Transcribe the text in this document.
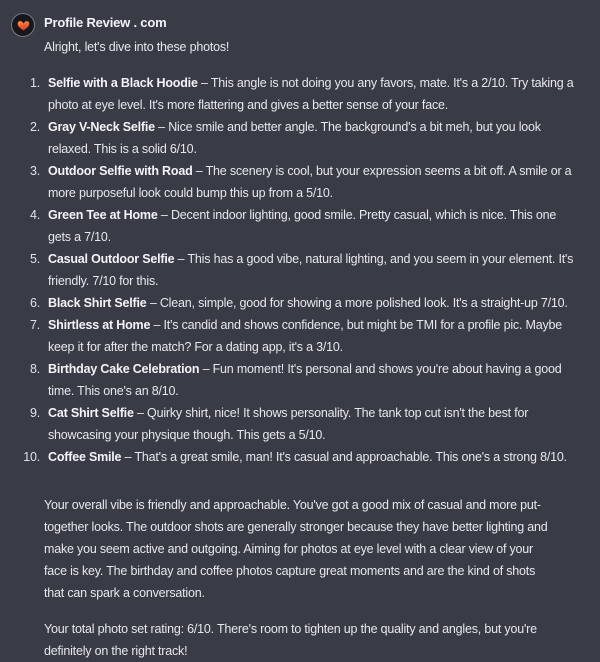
Profile Review . com

Alright, let's dive into these photos!

1. Selfie with a Black Hoodie – This angle is not doing you any favors, mate. It's a 2/10. Try taking a photo at eye level. It's more flattering and gives a better sense of your face.

2. Gray V-Neck Selfie – Nice smile and better angle. The background's a bit meh, but you look relaxed. This is a solid 6/10.

3. Outdoor Selfie with Road – The scenery is cool, but your expression seems a bit off. A smile or a more purposeful look could bump this up from a 5/10.

4. Green Tee at Home – Decent indoor lighting, good smile. Pretty casual, which is nice. This one gets a 7/10.

5. Casual Outdoor Selfie – This has a good vibe, natural lighting, and you seem in your element. It's friendly. 7/10 for this.

6. Black Shirt Selfie – Clean, simple, good for showing a more polished look. It's a straight-up 7/10.

7. Shirtless at Home – It's candid and shows confidence, but might be TMI for a profile pic. Maybe keep it for after the match? For a dating app, it's a 3/10.

8. Birthday Cake Celebration – Fun moment! It's personal and shows you're about having a good time. This one's an 8/10.

9. Cat Shirt Selfie – Quirky shirt, nice! It shows personality. The tank top cut isn't the best for showcasing your physique though. This gets a 5/10.

10. Coffee Smile – That's a great smile, man! It's casual and approachable. This one's a strong 8/10.

Your overall vibe is friendly and approachable. You've got a good mix of casual and more put-together looks. The outdoor shots are generally stronger because they have better lighting and make you seem active and outgoing. Aiming for photos at eye level with a clear view of your face is key. The birthday and coffee photos capture great moments and are the kind of shots that can spark a conversation.

Your total photo set rating: 6/10. There's room to tighten up the quality and angles, but you're definitely on the right track!
